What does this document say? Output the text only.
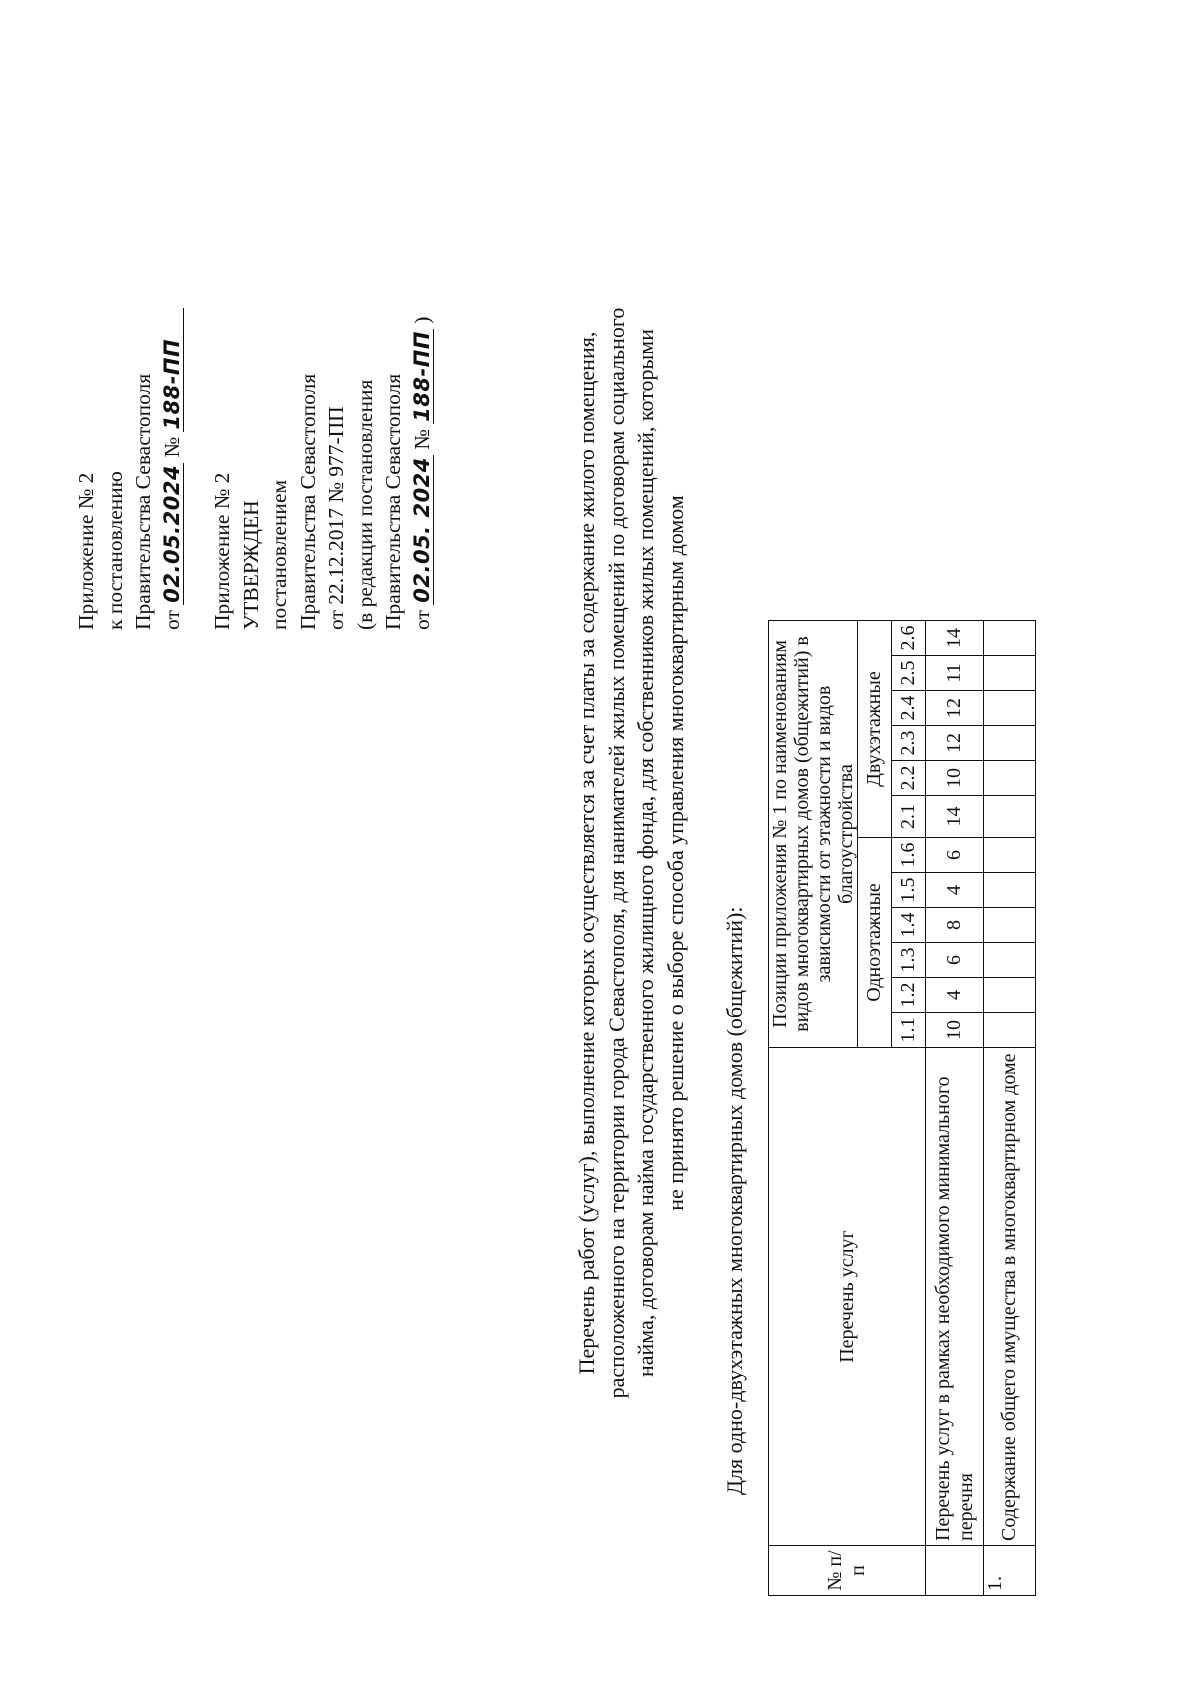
Приложение № 2 к постановлению Правительства Севастополя от 02.05.2024 № 188-ПП
Приложение № 2 УТВЕРЖДЕН постановлением Правительства Севастополя от 22.12.2017 № 977-ПП (в редакции постановления Правительства Севастополя от 02.05. 2024 № 188-ПП )
Перечень работ (услуг), выполнение которых осуществляется за счет платы за содержание жилого помещения, расположенного на территории города Севастополя, для нанимателей жилых помещений по договорам социального найма, договорам найма государственного жилищного фонда, для собственников жилых помещений, которыми не принято решение о выборе способа управления многоквартирным домом Для одно-двухэтажных многоквартирных домов (общежитий):
№ п/п	Перечень услуг	Позиции приложения № 1 по наименованиям видов многоквартирных домов (общежитий) в зависимости от этажности и видов благоустройства											
		Одноэтажные						Двухэтажные					
		1.1	1.2	1.3	1.4	1.5	1.6	2.1	2.2	2.3	2.4	2.5	2.6
	Перечень услуг в рамках необходимого минимального перечня	10	4	6	8	4	6	14	10	12	12	11	14
1.	Содержание общего имущества в многоквартирном доме												
